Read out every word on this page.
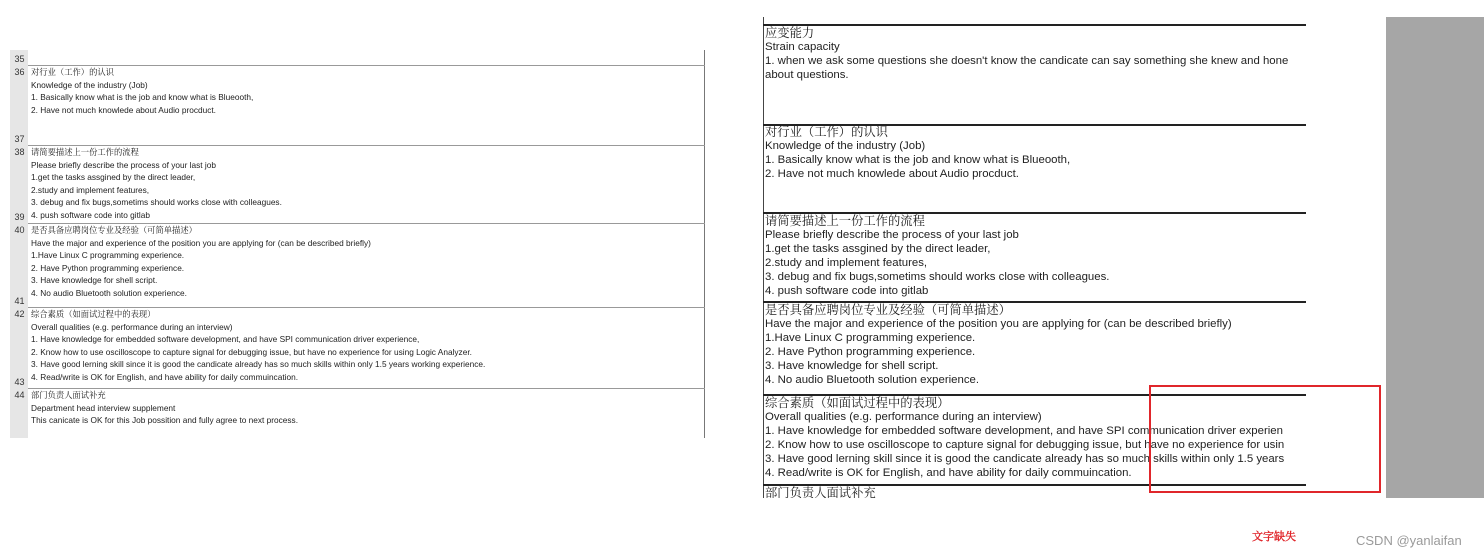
35
36
37
38
39
40
41
42
43
44
对行业（工作）的认识
Knowledge of the industry (Job)
1. Basically know what is the job and know what is Blueooth,
2. Have not much knowlede about Audio procduct.
请简要描述上一份工作的流程
Please briefly describe the process of your last job
1.get the tasks assgined by the direct leader,
2.study and implement features,
3. debug and fix bugs,sometims should works close with colleagues.
4. push software code into gitlab
是否具备应聘岗位专业及经验（可简单描述）
Have the major and experience of the position you are applying for (can be described briefly)
1.Have Linux C programming experience.
2. Have Python programming experience.
3. Have knowledge for shell script.
4. No audio Bluetooth solution experience.
综合素质（如面试过程中的表现）
Overall qualities (e.g. performance during an interview)
1. Have knowledge for embedded software development, and have SPI communication driver experience,
2. Know how to use oscilloscope to capture signal for debugging issue, but have no experience for using Logic Analyzer.
3. Have good lerning skill since it is good the candicate already has so much skills within only 1.5 years working experience.
4. Read/write is OK for English, and have ability for daily commuincation.
部门负责人面试补充
Department head interview supplement
This canicate is OK for this Job possition and fully agree to next process.
应变能力
Strain capacity
1. when we ask some questions she doesn't know the candicate can say something she knew and hone
about questions.
对行业（工作）的认识
Knowledge of the industry (Job)
1. Basically know what is the job and know what is Blueooth,
2. Have not much knowlede about Audio procduct.
请简要描述上一份工作的流程
Please briefly describe the process of your last job
1.get the tasks assgined by the direct leader,
2.study and implement features,
3. debug and fix bugs,sometims should works close with colleagues.
4. push software code into gitlab
是否具备应聘岗位专业及经验（可简单描述）
Have the major and experience of the position you are applying for (can be described briefly)
1.Have Linux C programming experience.
2. Have Python programming experience.
3. Have knowledge for shell script.
4. No audio Bluetooth solution experience.
综合素质（如面试过程中的表现）
Overall qualities (e.g. performance during an interview)
1. Have knowledge for embedded software development, and have SPI communication driver experien
2. Know how to use oscilloscope to capture signal for debugging issue, but have no experience for usin
3. Have good lerning skill since it is good the candicate already has so much skills within only 1.5 years
4. Read/write is OK for English, and have ability for daily commuincation.
部门负责人面试补充
文字缺失	CSDN @yanlaifan
